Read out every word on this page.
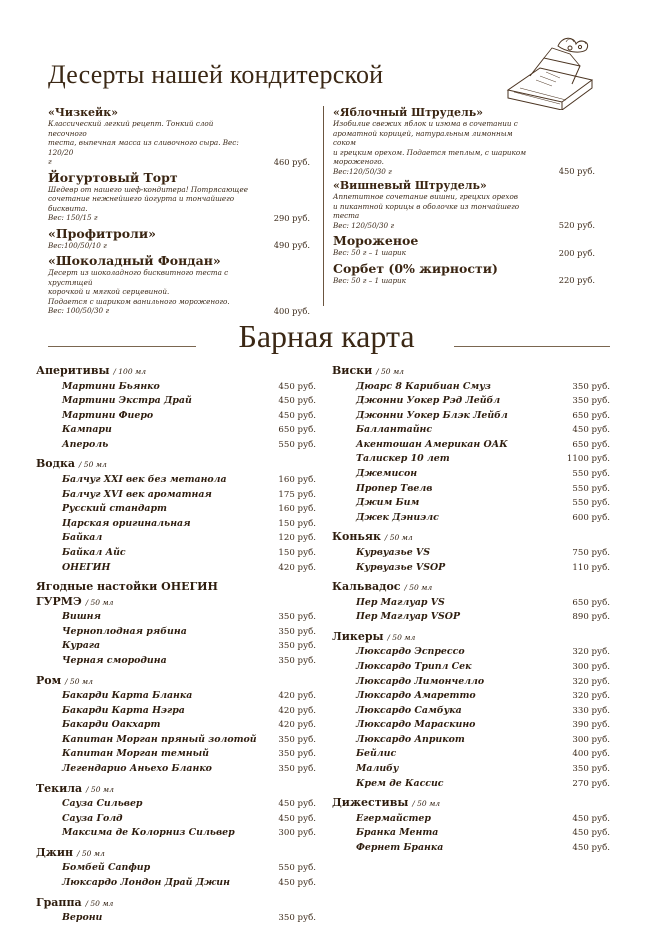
Десерты нашей кондитерской
«Чизкейк»
Классический легкий рецепт. Тонкий слой песочного
теста, выпечная масса из сливочного сыра. Вес: 120/20
г	460 руб.
Йогуртовый Торт
Шедевр от нашего шеф-кондитера! Потрясающее
сочетание нежнейшего йогурта и тончайшего бисквита.
Вес: 150/15 г	290 руб.
«Профитроли»
Вес:100/50/10 г	490 руб.
«Шоколадный Фондан»
Десерт из шоколадного бисквитного теста с хрустящей
корочкой и мягкой серцевиной.
Подается с шариком ванильного мороженого.
Вес: 100/50/30 г	400 руб.
«Яблочный Штрудель»
Изобилие свежих яблок и изюма в сочетании с
ароматной корицей, натуральным лимонным соком
и грецким орехом. Подается теплым, с шариком
мороженого.
Вес:120/50/30 г	450 руб.
«Вишневый Штрудель»
Аппетитное сочетание вишни, грецких орехов
и пикантной корицы в оболочке из тончайшего теста
Вес: 120/50/30 г	520 руб.
Мороженое
Вес: 50 г – 1 шарик	200 руб.
Сорбет (0% жирности)
Вес: 50 г – 1 шарик	220 руб.
Барная карта
Аперитивы / 100 мл
Мартини Бьянко	450 руб.
Мартини Экстра Драй	450 руб.
Мартини Фиеро	450 руб.
Кампари	650 руб.
Апероль	550 руб.
Водка / 50 мл
Балчуг XXI век без метанола	160 руб.
Балчуг XVI век ароматная	175 руб.
Русский стандарт	160 руб.
Царская оригинальная	150 руб.
Байкал	120 руб.
Байкал Айс	150 руб.
ОНЕГИН	420 руб.
Ягодные настойки ОНЕГИН
ГУРМЭ / 50 мл
Вишня	350 руб.
Черноплодная рябина	350 руб.
Курага	350 руб.
Черная смородина	350 руб.
Ром / 50 мл
Бакарди Карта Бланка	420 руб.
Бакарди Карта Нэгра	420 руб.
Бакарди Оакхарт	420 руб.
Капитан Морган пряный золотой	350 руб.
Капитан Морган темный	350 руб.
Легендарио Аньехо Бланко	350 руб.
Текила / 50 мл
Сауза Сильвер	450 руб.
Сауза Голд	450 руб.
Максима де Колорниз Сильвер	300 руб.
Джин / 50 мл
Бомбей Сапфир	550 руб.
Люксардо Лондон Драй Джин	450 руб.
Граппа / 50 мл
Верони	350 руб.
Виски / 50 мл
Дюарс 8 Карибиан Смуз	350 руб.
Джонни Уокер Рэд Лейбл	350 руб.
Джонни Уокер Блэк Лейбл	650 руб.
Баллантайнс	450 руб.
Акентошан Американ ОАК	650 руб.
Талискер 10 лет	1100 руб.
Джемисон	550 руб.
Пропер Твелв	550 руб.
Джим Бим	550 руб.
Джек Дэниэлс	600 руб.
Коньяк / 50 мл
Курвуазье VS	750 руб.
Курвуазье VSOP	110 руб.
Кальвадос / 50 мл
Пер Маглуар VS	650 руб.
Пер Маглуар VSOP	890 руб.
Ликеры / 50 мл
Люксардо Эспрессо	320 руб.
Люксардо Трипл Сек	300 руб.
Люксардо Лимончелло	320 руб.
Люксардо Амаретто	320 руб.
Люксардо Самбука	330 руб.
Люксардо Мараскино	390 руб.
Люксардо Априкот	300 руб.
Бейлис	400 руб.
Малибу	350 руб.
Крем де Кассис	270 руб.
Дижестивы / 50 мл
Егермайстер	450 руб.
Бранка Мента	450 руб.
Фернет Бранка	450 руб.
